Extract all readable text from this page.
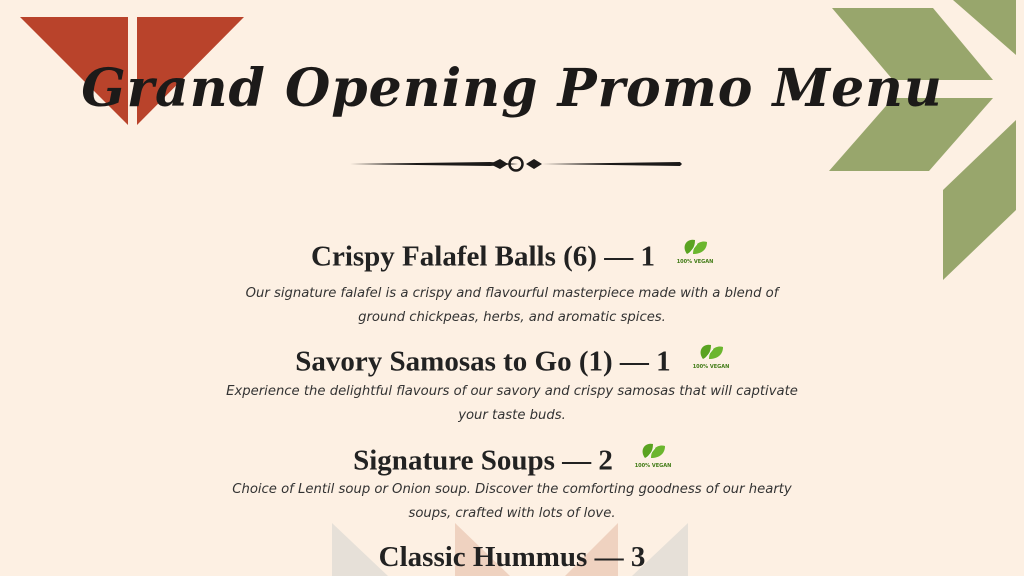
Grand Opening Promo Menu
Crispy Falafel Balls (6) — 1	100% VEGAN
Our signature falafel is a crispy and flavourful masterpiece made with a blend of ground chickpeas, herbs, and aromatic spices.
Savory Samosas to Go (1) — 1	100% VEGAN
Experience the delightful flavours of our savory and crispy samosas that will captivate your taste buds.
Signature Soups — 2	100% VEGAN
Choice of Lentil soup or Onion soup. Discover the comforting goodness of our hearty soups, crafted with lots of love.
Classic Hummus — 3
